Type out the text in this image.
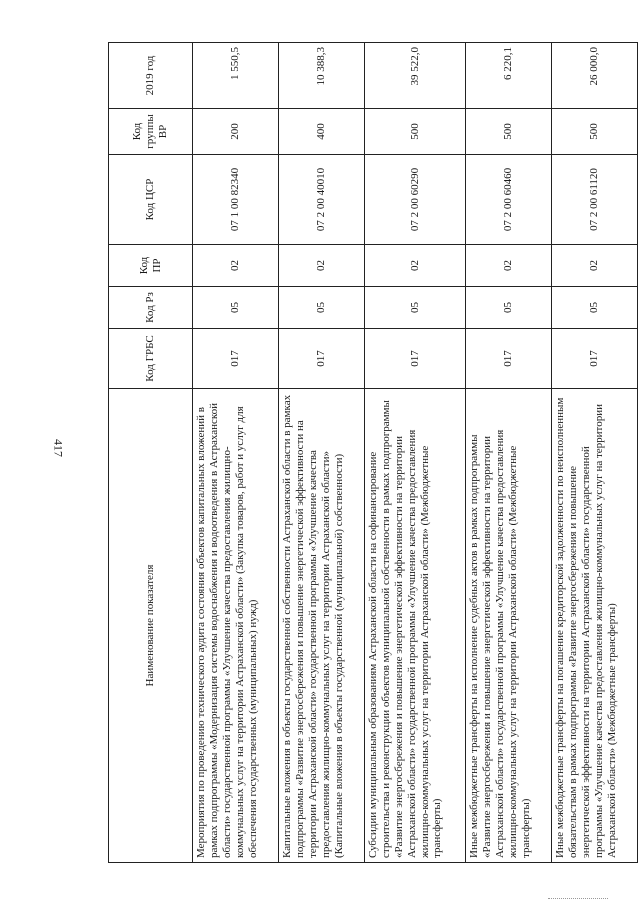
417
Наименование показателя	Код ГРБС	Код Рз	Код ПР	Код ЦСР	Код группы ВР	2019 год
Мероприятия по проведению технического аудита состояния объектов капитальных вложений в рамках подпрограммы «Модернизация системы водоснабжения и водоотведения в Астраханской области» государственной программы «Улучшение качества предоставления жилищно-коммунальных услуг на территории Астраханской области» (Закупка товаров, работ и услуг для обеспечения государственных (муниципальных) нужд)	017	05	02	07 1 00 82340	200	1 550,5
Капитальные вложения в объекты государственной собственности Астраханской области в рамках подпрограммы «Развитие энергосбережения и повышение энергетической эффективности на территории Астраханской области» государственной программы «Улучшение качества предоставления жилищно-коммунальных услуг на территории Астраханской области» (Капитальные вложения в объекты государственной (муниципальной) собственности)	017	05	02	07 2 00 40010	400	10 388,3
Субсидии муниципальным образованиям Астраханской области на софинансирование строительства и реконструкции объектов муниципальной собственности в рамках подпрограммы «Развитие энергосбережения и повышение энергетической эффективности на территории Астраханской области» государственной программы «Улучшение качества предоставления жилищно-коммунальных услуг на территории Астраханской области» (Межбюджетные трансферты)	017	05	02	07 2 00 60290	500	39 522,0
Иные межбюджетные трансферты на исполнение судебных актов в рамках подпрограммы «Развитие энергосбережения и повышение энергетической эффективности на территории Астраханской области» государственной программы «Улучшение качества предоставления жилищно-коммунальных услуг на территории Астраханской области» (Межбюджетные трансферты)	017	05	02	07 2 00 60460	500	6 220,1
Иные межбюджетные трансферты на погашение кредиторской задолженности по неисполненным обязательствам в рамках подпрограммы «Развитие энергосбережения и повышение энергетической эффективности на территории Астраханской области» государственной программы «Улучшение качества предоставления жилищно-коммунальных услуг на территории Астраханской области» (Межбюджетные трансферты)	017	05	02	07 2 00 61120	500	26 000,0
